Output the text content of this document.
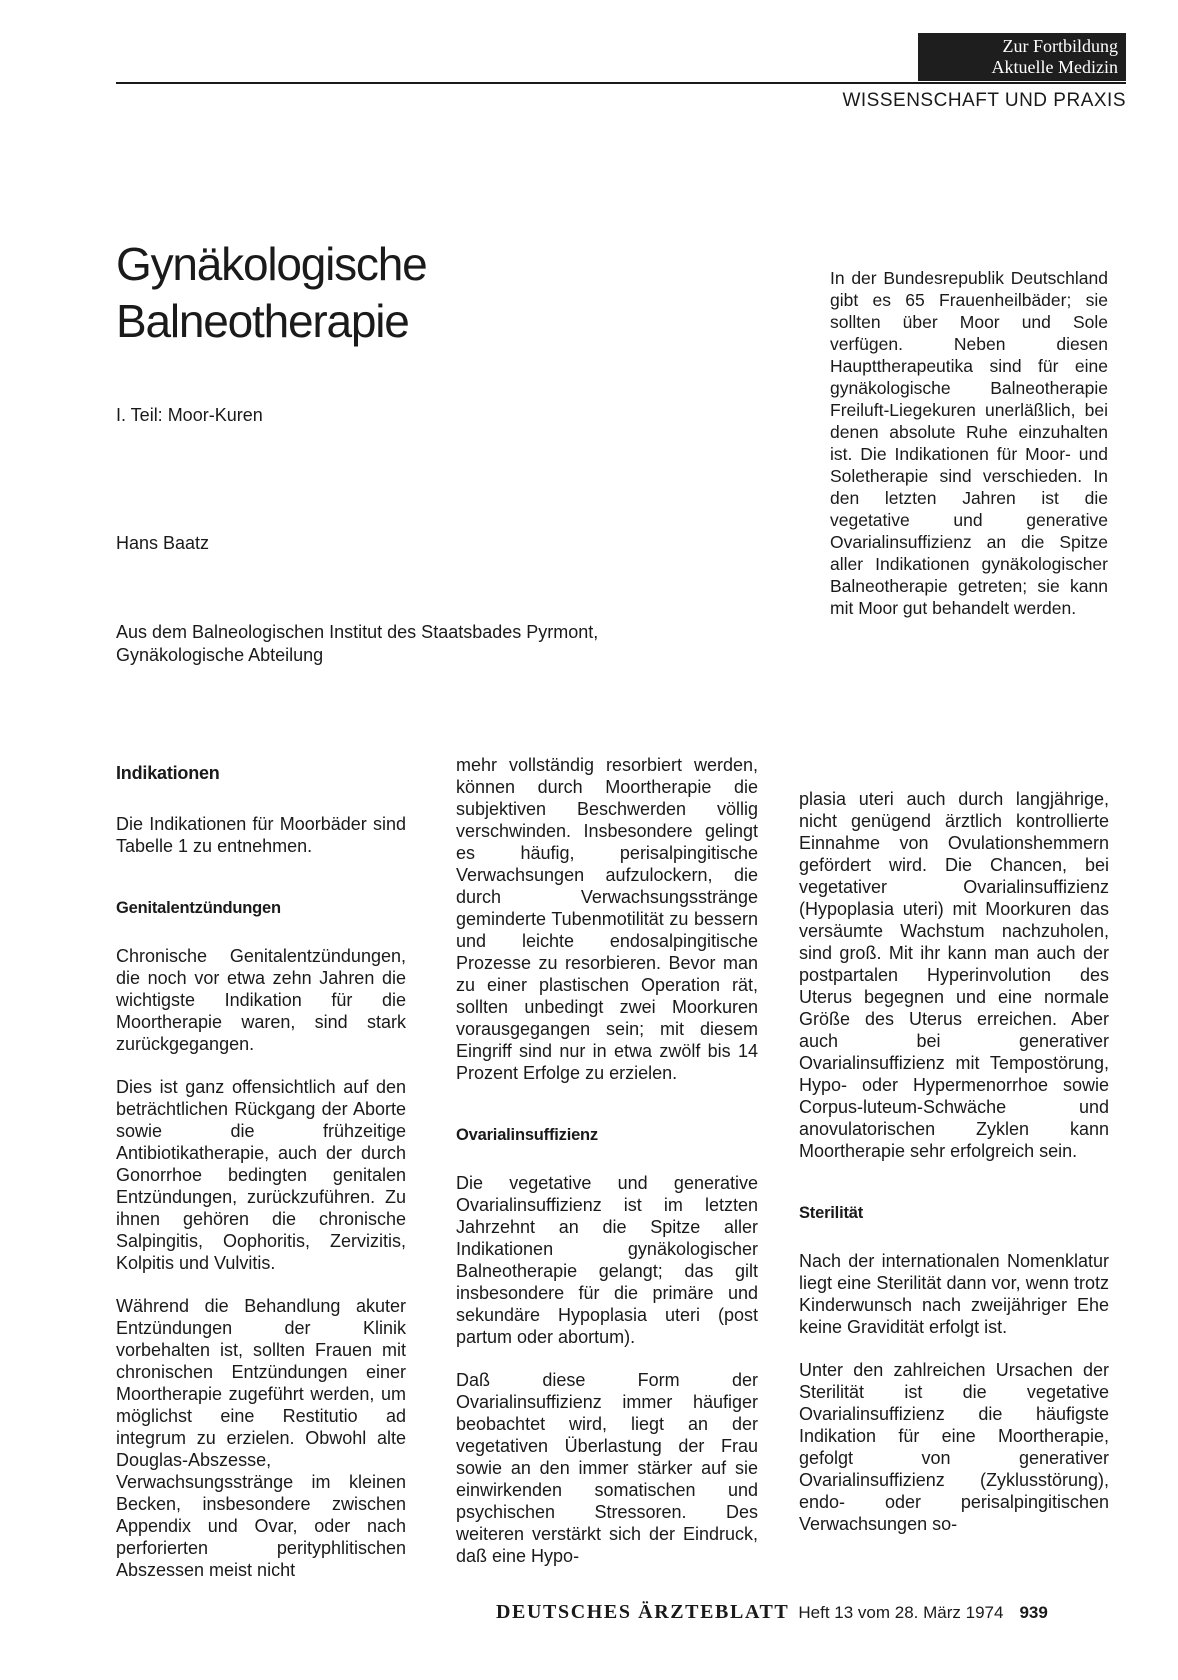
Zur Fortbildung
Aktuelle Medizin
WISSENSCHAFT UND PRAXIS
Gynäkologische
Balneotherapie
I. Teil: Moor-Kuren
Hans Baatz
Aus dem Balneologischen Institut des Staatsbades Pyrmont,
Gynäkologische Abteilung

In der Bundesrepublik Deutschland gibt es 65 Frauenheilbäder; sie sollten über Moor und Sole verfügen. Neben diesen Haupttherapeutika sind für eine gynäkologische Balneotherapie Freiluft-Liegekuren unerläßlich, bei denen absolute Ruhe einzuhalten ist. Die Indikationen für Moor- und Soletherapie sind verschieden. In den letzten Jahren ist die vegetative und generative Ovarialinsuffizienz an die Spitze aller Indikationen gynäkologischer Balneotherapie getreten; sie kann mit Moor gut behandelt werden.

Indikationen

Die Indikationen für Moorbäder sind Tabelle 1 zu entnehmen.

Genitalentzündungen

Chronische Genitalentzündungen, die noch vor etwa zehn Jahren die wichtigste Indikation für die Moortherapie waren, sind stark zurückgegangen.

Dies ist ganz offensichtlich auf den beträchtlichen Rückgang der Aborte sowie die frühzeitige Antibiotikatherapie, auch der durch Gonorrhoe bedingten genitalen Entzündungen, zurückzuführen. Zu ihnen gehören die chronische Salpingitis, Oophoritis, Zervizitis, Kolpitis und Vulvitis.

Während die Behandlung akuter Entzündungen der Klinik vorbehalten ist, sollten Frauen mit chronischen Entzündungen einer Moortherapie zugeführt werden, um möglichst eine Restitutio ad integrum zu erzielen. Obwohl alte Douglas-Abszesse, Verwachsungsstränge im kleinen Becken, insbesondere zwischen Appendix und Ovar, oder nach perforierten perityphlitischen Abszessen meist nicht

mehr vollständig resorbiert werden, können durch Moortherapie die subjektiven Beschwerden völlig verschwinden. Insbesondere gelingt es häufig, perisalpingitische Verwachsungen aufzulockern, die durch Verwachsungsstränge geminderte Tubenmotilität zu bessern und leichte endosalpingitische Prozesse zu resorbieren. Bevor man zu einer plastischen Operation rät, sollten unbedingt zwei Moorkuren vorausgegangen sein; mit diesem Eingriff sind nur in etwa zwölf bis 14 Prozent Erfolge zu erzielen.

Ovarialinsuffizienz

Die vegetative und generative Ovarialinsuffizienz ist im letzten Jahrzehnt an die Spitze aller Indikationen gynäkologischer Balneotherapie gelangt; das gilt insbesondere für die primäre und sekundäre Hypoplasia uteri (post partum oder abortum).

Daß diese Form der Ovarialinsuffizienz immer häufiger beobachtet wird, liegt an der vegetativen Überlastung der Frau sowie an den immer stärker auf sie einwirkenden somatischen und psychischen Stressoren. Des weiteren verstärkt sich der Eindruck, daß eine Hypo-

plasia uteri auch durch langjährige, nicht genügend ärztlich kontrollierte Einnahme von Ovulationshemmern gefördert wird. Die Chancen, bei vegetativer Ovarialinsuffizienz (Hypoplasia uteri) mit Moorkuren das versäumte Wachstum nachzuholen, sind groß. Mit ihr kann man auch der postpartalen Hyperinvolution des Uterus begegnen und eine normale Größe des Uterus erreichen. Aber auch bei generativer Ovarialinsuffizienz mit Tempostörung, Hypo- oder Hypermenorrhoe sowie Corpus-luteum-Schwäche und anovulatorischen Zyklen kann Moortherapie sehr erfolgreich sein.

Sterilität

Nach der internationalen Nomenklatur liegt eine Sterilität dann vor, wenn trotz Kinderwunsch nach zweijähriger Ehe keine Gravidität erfolgt ist.

Unter den zahlreichen Ursachen der Sterilität ist die vegetative Ovarialinsuffizienz die häufigste Indikation für eine Moortherapie, gefolgt von generativer Ovarialinsuffizienz (Zyklusstörung), endo- oder perisalpingitischen Verwachsungen so-

DEUTSCHES ÄRZTEBLATT Heft 13 vom 28. März 1974 939
